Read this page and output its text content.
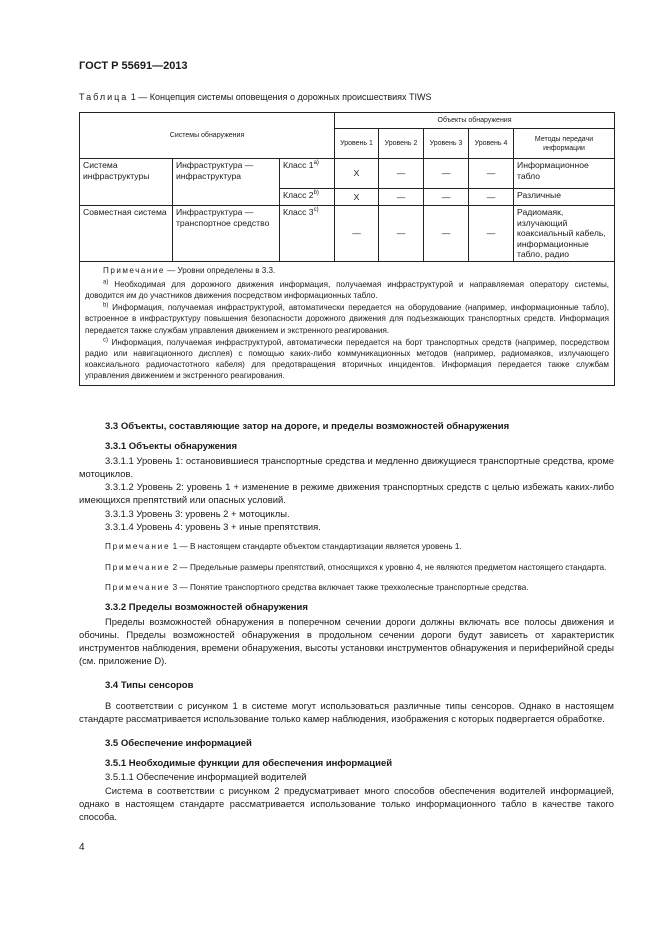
ГОСТ Р 55691—2013
Таблица 1 — Концепция системы оповещения о дорожных происшествиях TIWS
Системы обнаружения			Объекты обнаружения				
			Уровень 1	Уровень 2	Уровень 3	Уровень 4	Методы передачи информации
Система инфраструктуры	Инфраструктура — инфраструктура	Класс 1$^{a)}$	X	—	—	—	Информационное табло
		Класс 2$^{b)}$	X	—	—	—	Различные
Совместная система	Инфраструктура — транспортное средство	Класс 3$^{c)}$	—	—	—	—	Радиомаяк, излучающий коаксиальный кабель, информационные табло, радио

Примечание — Уровни определены в 3.3.

$^{a)}$ Необходимая для дорожного движения информация, получаемая инфраструктурой и направляемая оператору системы, доводится им до участников движения посредством информационных табло.

$^{b)}$ Информация, получаемая инфраструктурой, автоматически передается на оборудование (например, информационные табло), встроенное в инфраструктуру повышения безопасности дорожного движения для подъезжающих транспортных средств. Информация передается также службам управления движением и экстренного реагирования.

$^{c)}$ Информация, получаемая инфраструктурой, автоматически передается на борт транспортных средств (например, посредством радио или навигационного дисплея) с помощью каких-либо коммуникационных методов (например, радиомаяков, излучающего коаксиального радиочастотного кабеля) для предотвращения вторичных инцидентов. Информация передается также службам управления движением и экстренного реагирования.							

3.3 Объекты, составляющие затор на дороге, и пределы возможностей обнаружения
3.3.1 Объекты обнаружения

3.3.1.1 Уровень 1: остановившиеся транспортные средства и медленно движущиеся транспортные средства, кроме мотоциклов.

3.3.1.2 Уровень 2: уровень 1 + изменение в режиме движения транспортных средств с целью избежать каких-либо имеющихся препятствий или опасных условий.

3.3.1.3 Уровень 3: уровень 2 + мотоциклы.

3.3.1.4 Уровень 4: уровень 3 + иные препятствия.

Примечание 1 — В настоящем стандарте объектом стандартизации является уровень 1.

Примечание 2 — Предельные размеры препятствий, относящихся к уровню 4, не являются предметом настоящего стандарта.

Примечание 3 — Понятие транспортного средства включает также трехколесные транспортные средства.

3.3.2 Пределы возможностей обнаружения

Пределы возможностей обнаружения в поперечном сечении дороги должны включать все полосы движения и обочины. Пределы возможностей обнаружения в продольном сечении дороги будут зависеть от характеристик инструментов наблюдения, времени обнаружения, высоты установки инструментов обнаружения и периферийной среды (см. приложение D).

3.4 Типы сенсоров

В соответствии с рисунком 1 в системе могут использоваться различные типы сенсоров. Однако в настоящем стандарте рассматривается использование только камер наблюдения, изображения с которых подвергается обработке.

3.5 Обеспечение информацией
3.5.1 Необходимые функции для обеспечения информацией

3.5.1.1 Обеспечение информацией водителей

Система в соответствии с рисунком 2 предусматривает много способов обеспечения водителей информацией, однако в настоящем стандарте рассматривается использование только информационного табло в качестве такого способа.

4
